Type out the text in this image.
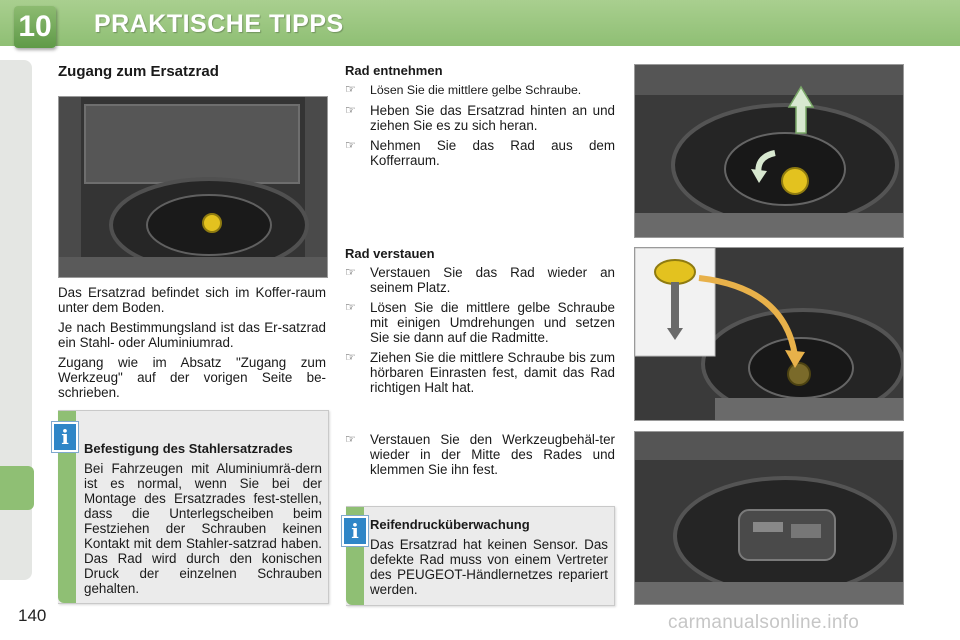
10 PRAKTISCHE TIPPS
140
Zugang zum Ersatzrad

Das Ersatzrad befindet sich im Koffer-raum unter dem Boden.

Je nach Bestimmungsland ist das Er-satzrad ein Stahl- oder Aluminiumrad.

Zugang wie im Absatz "Zugang zum Werkzeug" auf der vorigen Seite be-schrieben.

Befestigung des Stahlersatzrades
Bei Fahrzeugen mit Aluminiumrä-dern ist es normal, wenn Sie bei der Montage des Ersatzrades fest-stellen, dass die Unterlegscheiben beim Festziehen der Schrauben keinen Kontakt mit dem Stahler-satzrad haben. Das Rad wird durch den konischen Druck der einzelnen Schrauben gehalten.
i
Rad entnehmen
☞	Lösen Sie die mittlere gelbe Schraube.
☞	Heben Sie das Ersatzrad hinten an und ziehen Sie es zu sich heran.
☞	Nehmen Sie das Rad aus dem Kofferraum.
Rad verstauen
☞	Verstauen Sie das Rad wieder an seinem Platz.
☞	Lösen Sie die mittlere gelbe Schraube mit einigen Umdrehungen und setzen Sie sie dann auf die Radmitte.
☞	Ziehen Sie die mittlere Schraube bis zum hörbaren Einrasten fest, damit das Rad richtigen Halt hat.
☞	Verstauen Sie den Werkzeugbehäl-ter wieder in der Mitte des Rades und klemmen Sie ihn fest.
Reifendrucküberwachung
Das Ersatzrad hat keinen Sensor. Das defekte Rad muss von einem Vertreter des PEUGEOT-Händlernetzes repariert werden.
i
carmanualsonline.info
